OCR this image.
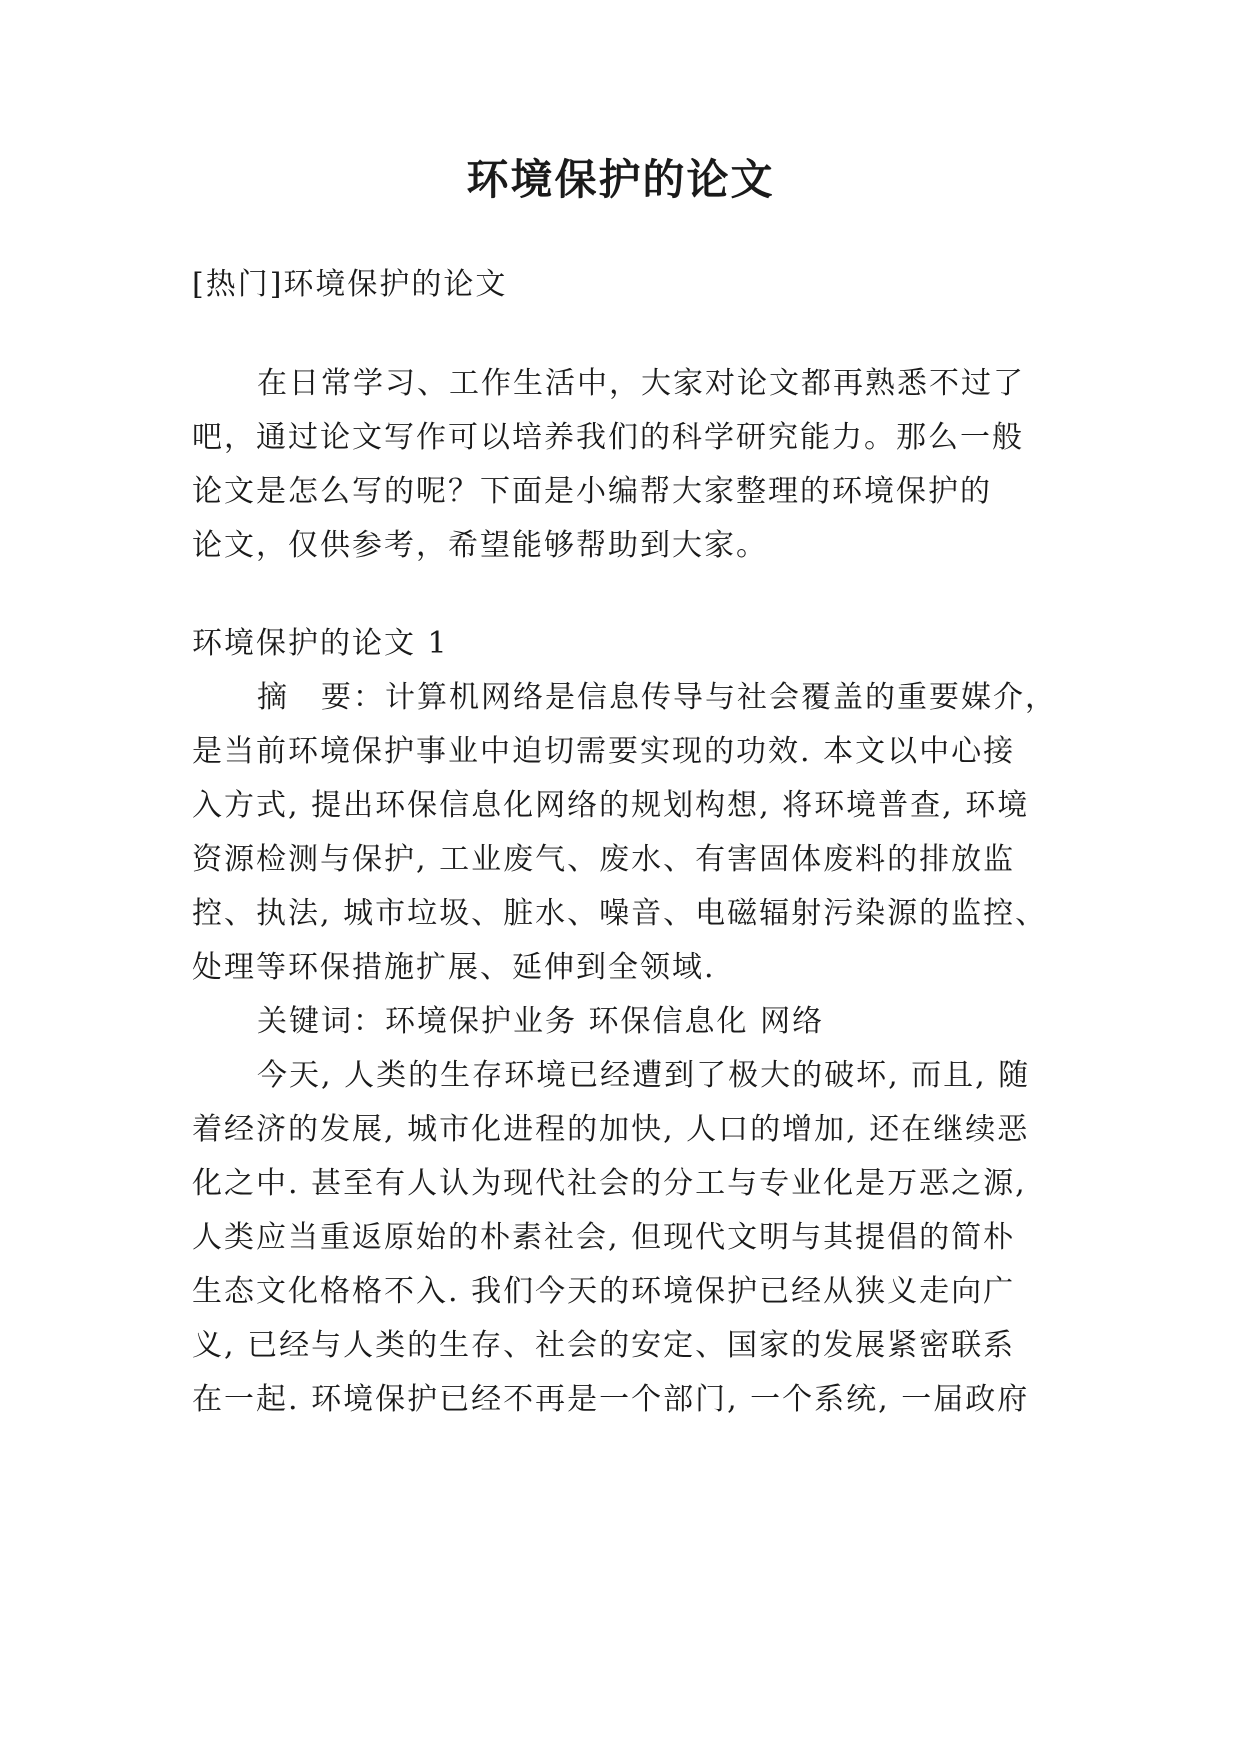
环境保护的论文
[热门]环境保护的论文
在日常学习、工作生活中，大家对论文都再熟悉不过了
吧，通过论文写作可以培养我们的科学研究能力。那么一般
论文是怎么写的呢？下面是小编帮大家整理的环境保护的
论文，仅供参考，希望能够帮助到大家。
环境保护的论文 1
摘　要：计算机网络是信息传导与社会覆盖的重要媒介，
是当前环境保护事业中迫切需要实现的功效. 本文以中心接
入方式, 提出环保信息化网络的规划构想, 将环境普查, 环境
资源检测与保护, 工业废气、废水、有害固体废料的排放监
控、执法, 城市垃圾、脏水、噪音、电磁辐射污染源的监控、
处理等环保措施扩展、延伸到全领域.
关键词：环境保护业务 环保信息化 网络
今天, 人类的生存环境已经遭到了极大的破坏, 而且, 随
着经济的发展, 城市化进程的加快, 人口的增加, 还在继续恶
化之中. 甚至有人认为现代社会的分工与专业化是万恶之源,
人类应当重返原始的朴素社会, 但现代文明与其提倡的简朴
生态文化格格不入. 我们今天的环境保护已经从狭义走向广
义, 已经与人类的生存、社会的安定、国家的发展紧密联系
在一起. 环境保护已经不再是一个部门, 一个系统, 一届政府
